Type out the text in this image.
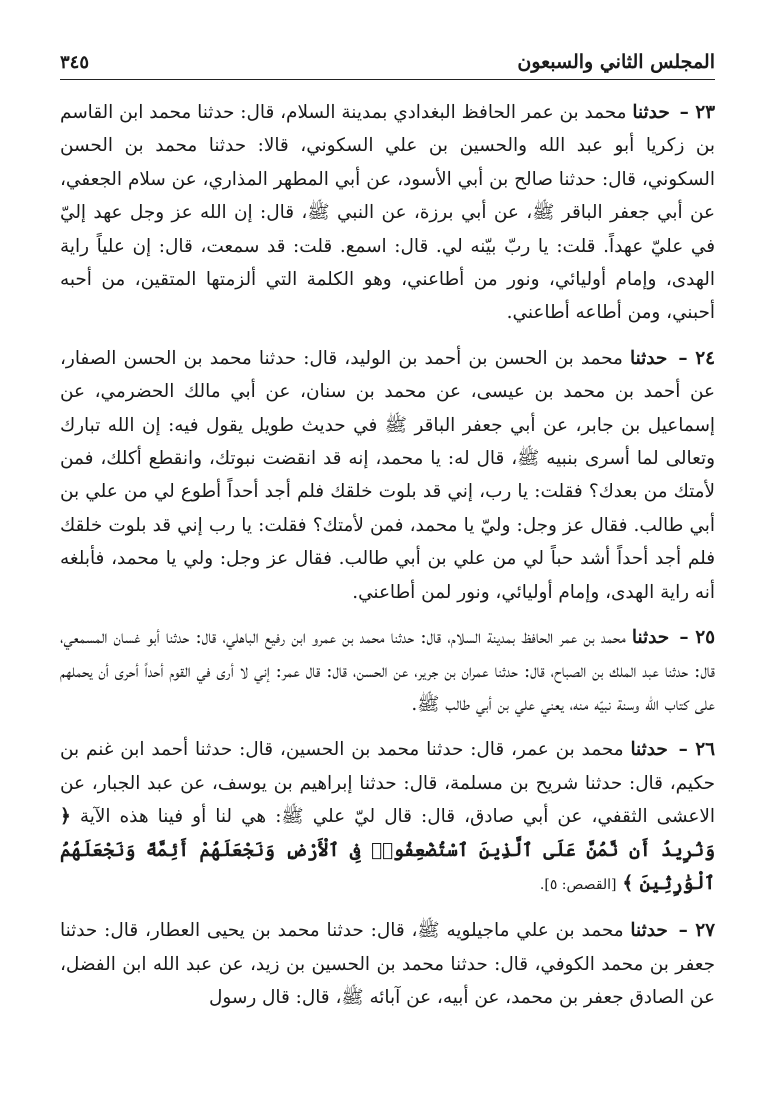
المجلس الثاني والسبعون
٣٤٥

٢٣ – حدثنا محمد بن عمر الحافظ البغدادي بمدينة السلام، قال: حدثنا محمد ابن القاسم بن زكريا أبو عبد الله والحسين بن علي السكوني، قالا: حدثنا محمد بن الحسن السكوني، قال: حدثنا صالح بن أبي الأسود، عن أبي المطهر المذاري، عن سلام الجعفي، عن أبي جعفر الباقر ﷺ، عن أبي برزة، عن النبي ﷺ، قال: إن الله عز وجل عهد إليّ في عليّ عهداً. قلت: يا ربّ بيّنه لي. قال: اسمع. قلت: قد سمعت، قال: إن علياً راية الهدى، وإمام أوليائي، ونور من أطاعني، وهو الكلمة التي ألزمتها المتقين، من أحبه أحبني، ومن أطاعه أطاعني.

٢٤ – حدثنا محمد بن الحسن بن أحمد بن الوليد، قال: حدثنا محمد بن الحسن الصفار، عن أحمد بن محمد بن عيسى، عن محمد بن سنان، عن أبي مالك الحضرمي، عن إسماعيل بن جابر، عن أبي جعفر الباقر ﷺ في حديث طويل يقول فيه: إن الله تبارك وتعالى لما أسرى بنبيه ﷺ، قال له: يا محمد، إنه قد انقضت نبوتك، وانقطع أكلك، فمن لأمتك من بعدك؟ فقلت: يا رب، إني قد بلوت خلقك فلم أجد أحداً أطوع لي من علي بن أبي طالب. فقال عز وجل: وليّ يا محمد، فمن لأمتك؟ فقلت: يا رب إني قد بلوت خلقك فلم أجد أحداً أشد حباً لي من علي بن أبي طالب. فقال عز وجل: ولي يا محمد، فأبلغه أنه راية الهدى، وإمام أوليائي، ونور لمن أطاعني.

٢٥ – حدثنا محمد بن عمر الحافظ بمدينة السلام، قال: حدثنا محمد بن عمرو ابن رفيع الباهلي، قال: حدثنا أبو غسان المسمعي، قال: حدثنا عبد الملك بن الصباح، قال: حدثنا عمران بن جرير، عن الحسن، قال: قال عمر: إني لا أرى في القوم أحداً أحرى أن يحملهم على كتاب الله وسنة نبيّه منه، يعني علي بن أبي طالب ﷺ.

٢٦ – حدثنا محمد بن عمر، قال: حدثنا محمد بن الحسين، قال: حدثنا أحمد ابن غنم بن حكيم، قال: حدثنا شريح بن مسلمة، قال: حدثنا إبراهيم بن يوسف، عن عبد الجبار، عن الاعشى الثقفي، عن أبي صادق، قال: قال ليّ علي ﷺ: هي لنا أو فينا هذه الآية ﴿ وَنُرِيدُ أَن نَّمُنَّ عَلَى ٱلَّذِينَ ٱسْتُضْعِفُوا۟ فِى ٱلْأَرْضِ وَنَجْعَلَهُمْ أَئِمَّةً وَنَجْعَلَهُمُ ٱلْوَٰرِثِينَ ﴾ [القصص: ٥].

٢٧ – حدثنا محمد بن علي ماجيلويه ﷺ، قال: حدثنا محمد بن يحيى العطار، قال: حدثنا جعفر بن محمد الكوفي، قال: حدثنا محمد بن الحسين بن زيد، عن عبد الله ابن الفضل، عن الصادق جعفر بن محمد، عن أبيه، عن آبائه ﷺ، قال: قال رسول
